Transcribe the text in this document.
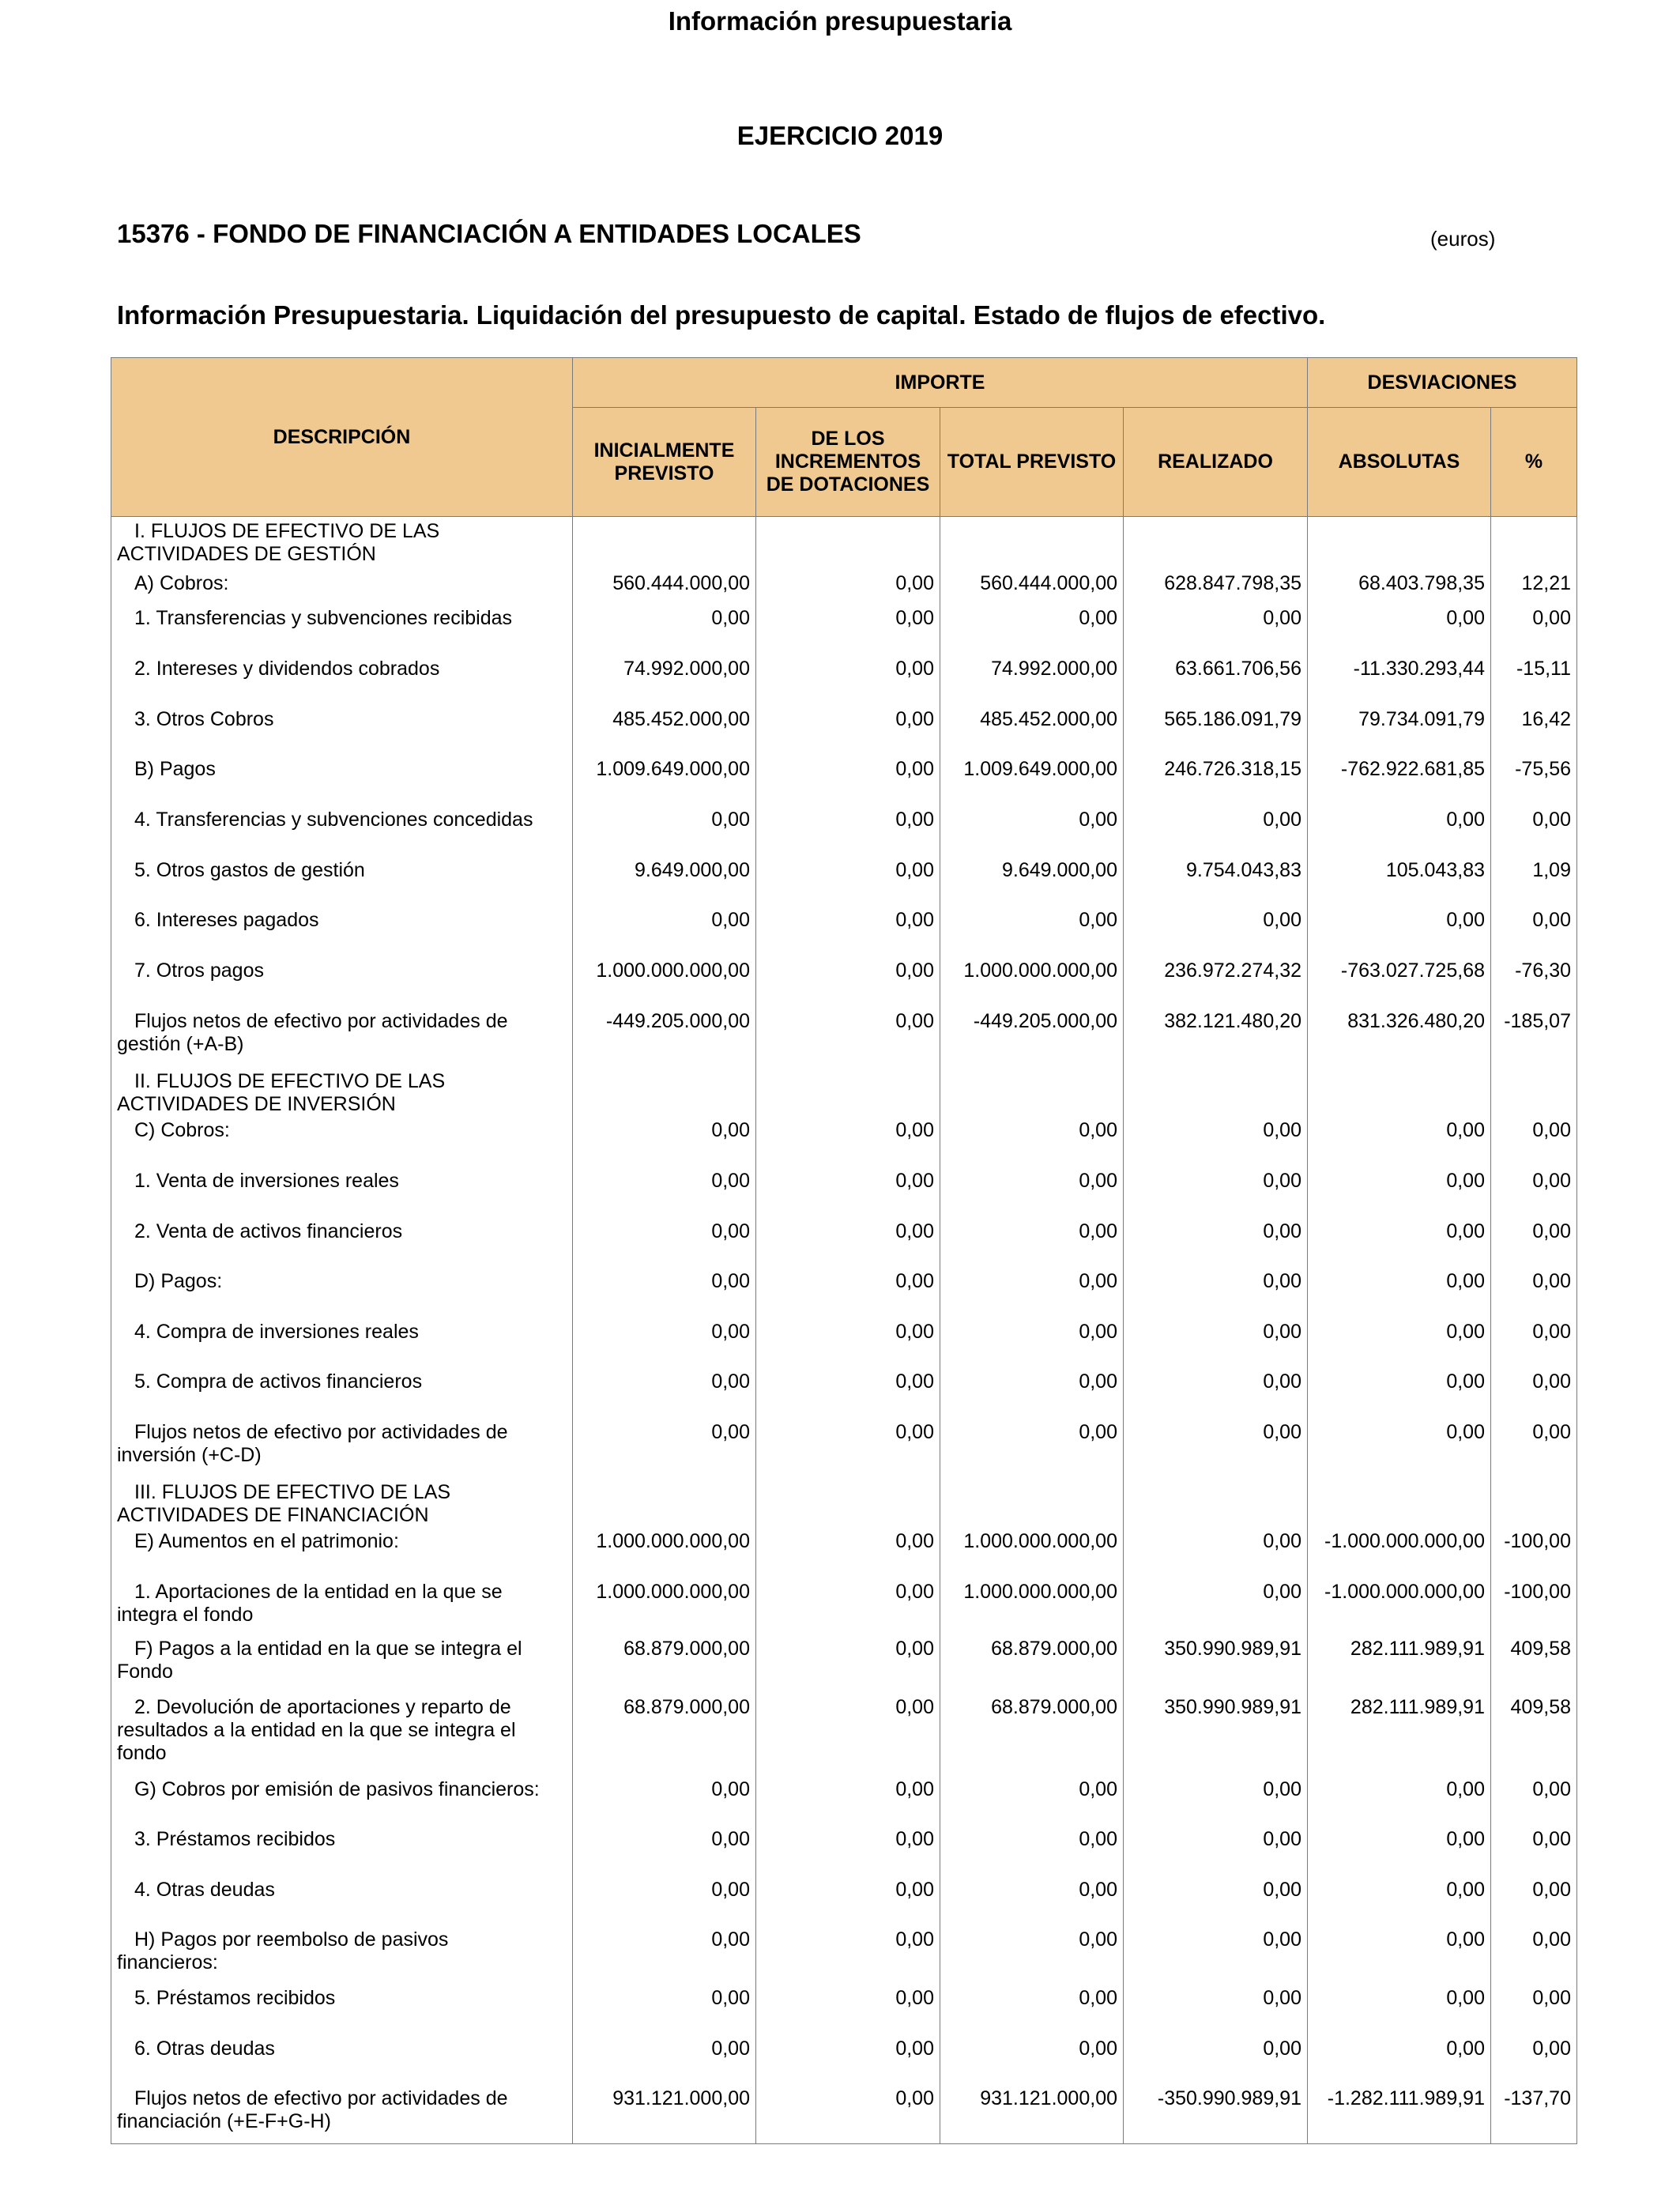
Información presupuestaria
EJERCICIO 2019
15376 - FONDO DE FINANCIACIÓN A ENTIDADES LOCALES	(euros)
Información Presupuestaria. Liquidación del presupuesto de capital. Estado de flujos de efectivo.
DESCRIPCIÓN	IMPORTE				DESVIACIONES	
	INICIALMENTE PREVISTO	DE LOS INCREMENTOS DE DOTACIONES	TOTAL PREVISTO	REALIZADO	ABSOLUTAS	%

I. FLUJOS DE EFECTIVO DE LAS
ACTIVIDADES DE GESTIÓN						

A) Cobros:	560.444.000,00	0,00	560.444.000,00	628.847.798,35	68.403.798,35	12,21

1. Transferencias y subvenciones recibidas	0,00	0,00	0,00	0,00	0,00	0,00

2. Intereses y dividendos cobrados	74.992.000,00	0,00	74.992.000,00	63.661.706,56	-11.330.293,44	-15,11

3. Otros Cobros	485.452.000,00	0,00	485.452.000,00	565.186.091,79	79.734.091,79	16,42

B) Pagos	1.009.649.000,00	0,00	1.009.649.000,00	246.726.318,15	-762.922.681,85	-75,56

4. Transferencias y subvenciones concedidas	0,00	0,00	0,00	0,00	0,00	0,00

5. Otros gastos de gestión	9.649.000,00	0,00	9.649.000,00	9.754.043,83	105.043,83	1,09

6. Intereses pagados	0,00	0,00	0,00	0,00	0,00	0,00

7. Otros pagos	1.000.000.000,00	0,00	1.000.000.000,00	236.972.274,32	-763.027.725,68	-76,30

Flujos netos de efectivo por actividades de
gestión (+A-B)	-449.205.000,00	0,00	-449.205.000,00	382.121.480,20	831.326.480,20	-185,07

II. FLUJOS DE EFECTIVO DE LAS
ACTIVIDADES DE INVERSIÓN						

C) Cobros:	0,00	0,00	0,00	0,00	0,00	0,00

1. Venta de inversiones reales	0,00	0,00	0,00	0,00	0,00	0,00

2. Venta de activos financieros	0,00	0,00	0,00	0,00	0,00	0,00

D) Pagos:	0,00	0,00	0,00	0,00	0,00	0,00

4. Compra de inversiones reales	0,00	0,00	0,00	0,00	0,00	0,00

5. Compra de activos financieros	0,00	0,00	0,00	0,00	0,00	0,00

Flujos netos de efectivo por actividades de
inversión (+C-D)	0,00	0,00	0,00	0,00	0,00	0,00

III. FLUJOS DE EFECTIVO DE LAS
ACTIVIDADES DE FINANCIACIÓN						

E) Aumentos en el patrimonio:	1.000.000.000,00	0,00	1.000.000.000,00	0,00	-1.000.000.000,00	-100,00

1. Aportaciones de la entidad en la que se
integra el fondo	1.000.000.000,00	0,00	1.000.000.000,00	0,00	-1.000.000.000,00	-100,00

F) Pagos a la entidad en la que se integra el
Fondo	68.879.000,00	0,00	68.879.000,00	350.990.989,91	282.111.989,91	409,58

2. Devolución de aportaciones y reparto de
resultados a la entidad en la que se integra el
fondo	68.879.000,00	0,00	68.879.000,00	350.990.989,91	282.111.989,91	409,58

G) Cobros por emisión de pasivos financieros:	0,00	0,00	0,00	0,00	0,00	0,00

3. Préstamos recibidos	0,00	0,00	0,00	0,00	0,00	0,00

4. Otras deudas	0,00	0,00	0,00	0,00	0,00	0,00

H) Pagos por reembolso de pasivos
financieros:	0,00	0,00	0,00	0,00	0,00	0,00

5. Préstamos recibidos	0,00	0,00	0,00	0,00	0,00	0,00

6. Otras deudas	0,00	0,00	0,00	0,00	0,00	0,00

Flujos netos de efectivo por actividades de
financiación (+E-F+G-H)	931.121.000,00	0,00	931.121.000,00	-350.990.989,91	-1.282.111.989,91	-137,70
